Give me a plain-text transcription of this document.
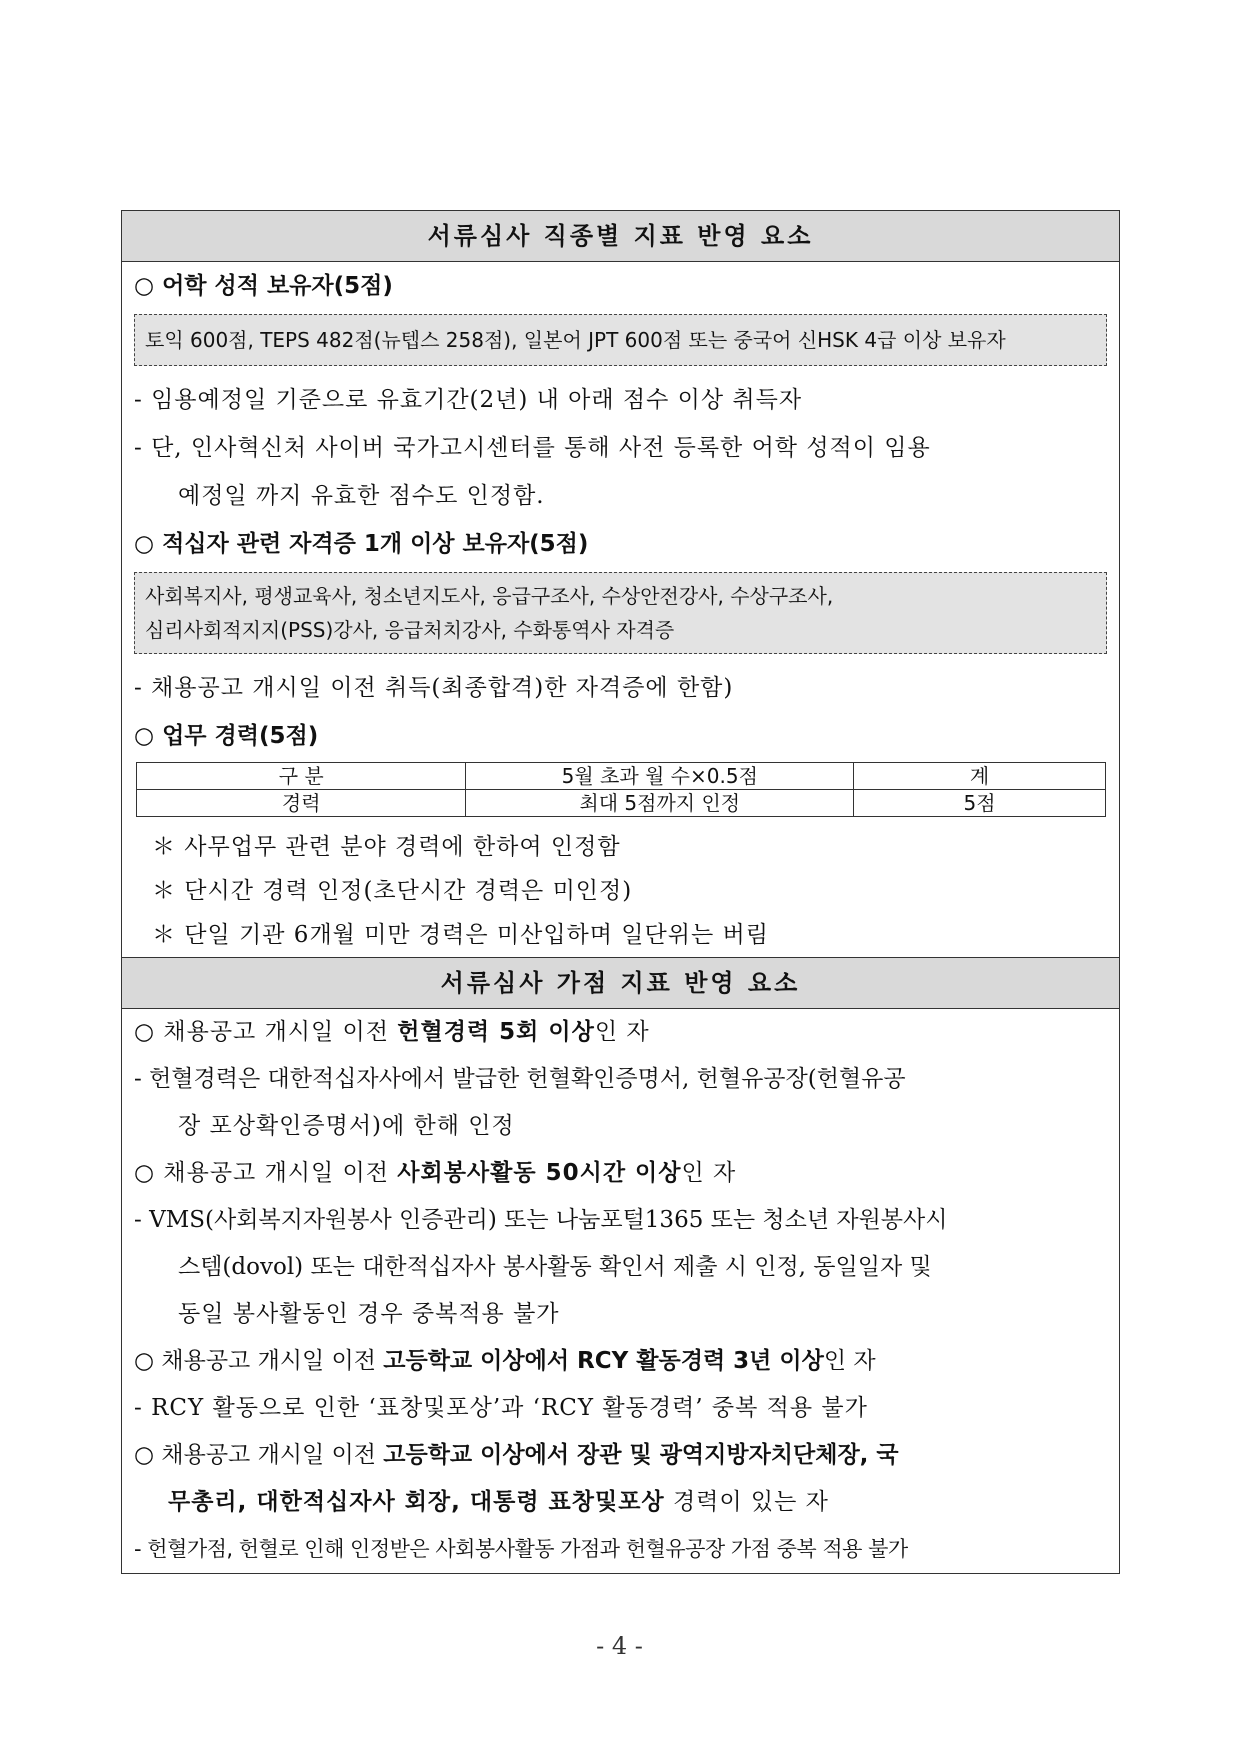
서류심사 직종별 지표 반영 요소
○ 어학 성적 보유자(5점)
토익 600점, TEPS 482점(뉴텝스 258점), 일본어 JPT 600점 또는 중국어 신HSK 4급 이상 보유자
- 임용예정일 기준으로 유효기간(2년) 내 아래 점수 이상 취득자
- 단, 인사혁신처 사이버 국가고시센터를 통해 사전 등록한 어학 성적이 임용
예정일 까지 유효한 점수도 인정함.
○ 적십자 관련 자격증 1개 이상 보유자(5점)
사회복지사, 평생교육사, 청소년지도사, 응급구조사, 수상안전강사, 수상구조사,
심리사회적지지(PSS)강사, 응급처치강사, 수화통역사 자격증
- 채용공고 개시일 이전 취득(최종합격)한 자격증에 한함)
○ 업무 경력(5점)
구 분	5월 초과 월 수×0.5점	계
경력	최대 5점까지 인정	5점
＊ 사무업무 관련 분야 경력에 한하여 인정함
＊ 단시간 경력 인정(초단시간 경력은 미인정)
＊ 단일 기관 6개월 미만 경력은 미산입하며 일단위는 버림
서류심사 가점 지표 반영 요소
○ 채용공고 개시일 이전 헌혈경력 5회 이상인 자
- 헌혈경력은 대한적십자사에서 발급한 헌혈확인증명서, 헌혈유공장(헌혈유공
장 포상확인증명서)에 한해 인정
○ 채용공고 개시일 이전 사회봉사활동 50시간 이상인 자
- VMS(사회복지자원봉사 인증관리) 또는 나눔포털1365 또는 청소년 자원봉사시
스템(dovol) 또는 대한적십자사 봉사활동 확인서 제출 시 인정, 동일일자 및
동일 봉사활동인 경우 중복적용 불가
○ 채용공고 개시일 이전 고등학교 이상에서 RCY 활동경력 3년 이상인 자
- RCY 활동으로 인한 ‘표창및포상’과 ‘RCY 활동경력’ 중복 적용 불가
○ 채용공고 개시일 이전 고등학교 이상에서 장관 및 광역지방자치단체장, 국
무총리, 대한적십자사 회장, 대통령 표창및포상 경력이 있는 자
- 헌혈가점, 헌혈로 인해 인정받은 사회봉사활동 가점과 헌혈유공장 가점 중복 적용 불가
- 4 -
